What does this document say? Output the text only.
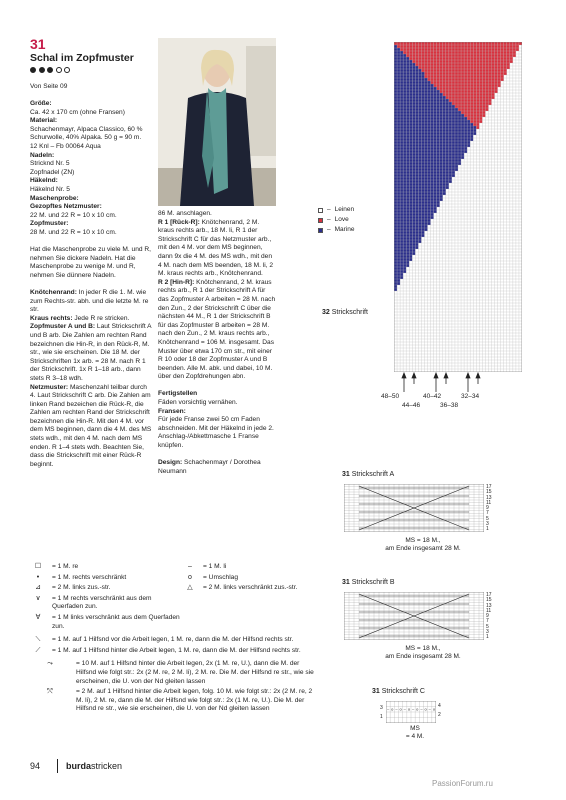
31
Schal im Zopfmuster

Von Seite 09

Größe:

Ca. 42 x 170 cm (ohne Fransen)

Material:

Schachenmayr, Alpaca Classico, 60 % Schurwolle, 40% Alpaka. 50 g = 90 m.

12 Knl – Fb 00064 Aqua

Nadeln:

Stricknd Nr. 5

Zopfnadel (ZN)

Häkelnd:

Häkelnd Nr. 5

Maschenprobe:

Gezopftes Netzmuster:

22 M. und 22 R = 10 x 10 cm.

Zopfmuster:

28 M. und 22 R = 10 x 10 cm.

Hat die Maschenprobe zu viele M. und R, nehmen Sie dickere Nadeln. Hat die Maschenprobe zu wenige M. und R, nehmen Sie dünnere Nadeln.

Knötchenrand: In jeder R die 1. M. wie zum Rechts-str. abh. und die letzte M. re str.

Kraus rechts: Jede R re stricken.

Zopfmuster A und B: Laut Strickschrift A und B arb. Die Zahlen am rechten Rand bezeichnen die Hin-R, in den Rück-R, M. str., wie sie erscheinen. Die 18 M. der Strickschriften 1x arb. = 28 M. nach R 1 der Strickschrift. 1x R 1–18 arb., dann stets R 3–18 wdh.

Netzmuster: Maschenzahl teilbar durch 4. Laut Strickschrift C arb. Die Zahlen am linken Rand bezeichen die Rück-R, die Zahlen am rechten Rand der Strickschrift bezeichnen die Hin-R. Mit den 4 M. vor dem MS beginnen, dann die 4 M. des MS stets wdh., mit den 4 M. nach dem MS enden. R 1–4 stets wdh. Beachten Sie, dass die Strickschrift mit einer Rück-R beginnt.

86 M. anschlagen.

R 1 [Rück-R]: Knötchenrand, 2 M. kraus rechts arb., 18 M. li, R 1 der Strickschrift C für das Netzmuster arb., mit den 4 M. vor dem MS beginnen, dann 9x die 4 M. des MS wdh., mit den 4 M. nach dem MS beenden, 18 M. li, 2 M. kraus rechts arb., Knötchenrand.

R 2 [Hin-R]: Knötchenrand, 2 M. kraus rechts arb., R 1 der Strickschrift A für das Zopfmuster A arbeiten = 28 M. nach den Zun., 2 der Strickschrift C über die nächsten 44 M., R 1 der Strickschrift B für das Zopfmuster B arbeiten = 28 M. nach den Zun., 2 M. kraus rechts arb., Knötchenrand = 106 M. insgesamt. Das Muster über etwa 170 cm str., mit einer R 10 oder 18 der Zopfmuster A und B beenden. Alle M. abk. und dabei, 10 M. über den Zopfdrehungen abn.

Fertigstellen

Fäden vorsichtig vernähen.

Fransen:

Für jede Franse zwei 50 cm Faden abschneiden. Mit der Häkelnd in jede 2. Anschlag-/Abkettmasche 1 Franse knüpfen.

Design: Schachenmayr / Dorothea Neumann

– Leinen
– Love
– Marine
32 Strickschrift
48–50	40–42	32–34
44–46	36–38
31 Strickschrift A
17
15
13
11
9
7
5
3
1
MS = 18 M.,
am Ende insgesamt 28 M.
31 Strickschrift B
17
15
13
11
9
7
5
3
1
MS = 18 M.,
am Ende insgesamt 28 M.
31 Strickschrift C
– o – o – o – o – o – o
3
1
4
2
MS
= 4 M.
☐	= 1 M. re
•	= 1 M. rechts verschränkt
⊿	= 2 M. links zus.-str.
∨	= 1 M rechts verschränkt aus dem Querfaden zun.
∀	= 1 M links verschränkt aus dem Querfaden zun.
⟍	= 1 M. auf 1 Hilfsnd vor die Arbeit legen, 1 M. re, dann die M. der Hilfsnd rechts str.
⟋	= 1 M. auf 1 Hilfsnd hinter die Arbeit legen, 1 M. re, dann die M. der Hilfsnd rechts str.
⤳	= 10 M. auf 1 Hilfsnd hinter die Arbeit legen, 2x (1 M. re, U.), dann die M. der Hilfsnd wie folgt str.: 2x (2 M. re, 2 M. li), 2 M. re. Die M. der Hilfsnd re str., wie sie erscheinen, die U. von der Nd gleiten lassen
⤲	= 2 M. auf 1 Hilfsnd hinter die Arbeit legen, folg. 10 M. wie folgt str.: 2x (2 M. re, 2 M. li), 2 M. re, dann die M. der Hilfsnd wie folgt str.: 2x (1 M. re, U.). Die M. der Hilfsnd re str., wie sie erscheinen, die U. von der Nd gleiten lassen
–	= 1 M. li
o	= Umschlag
△	= 2 M. links verschränkt zus.-str.
94	burdastricken
PassionForum.ru
